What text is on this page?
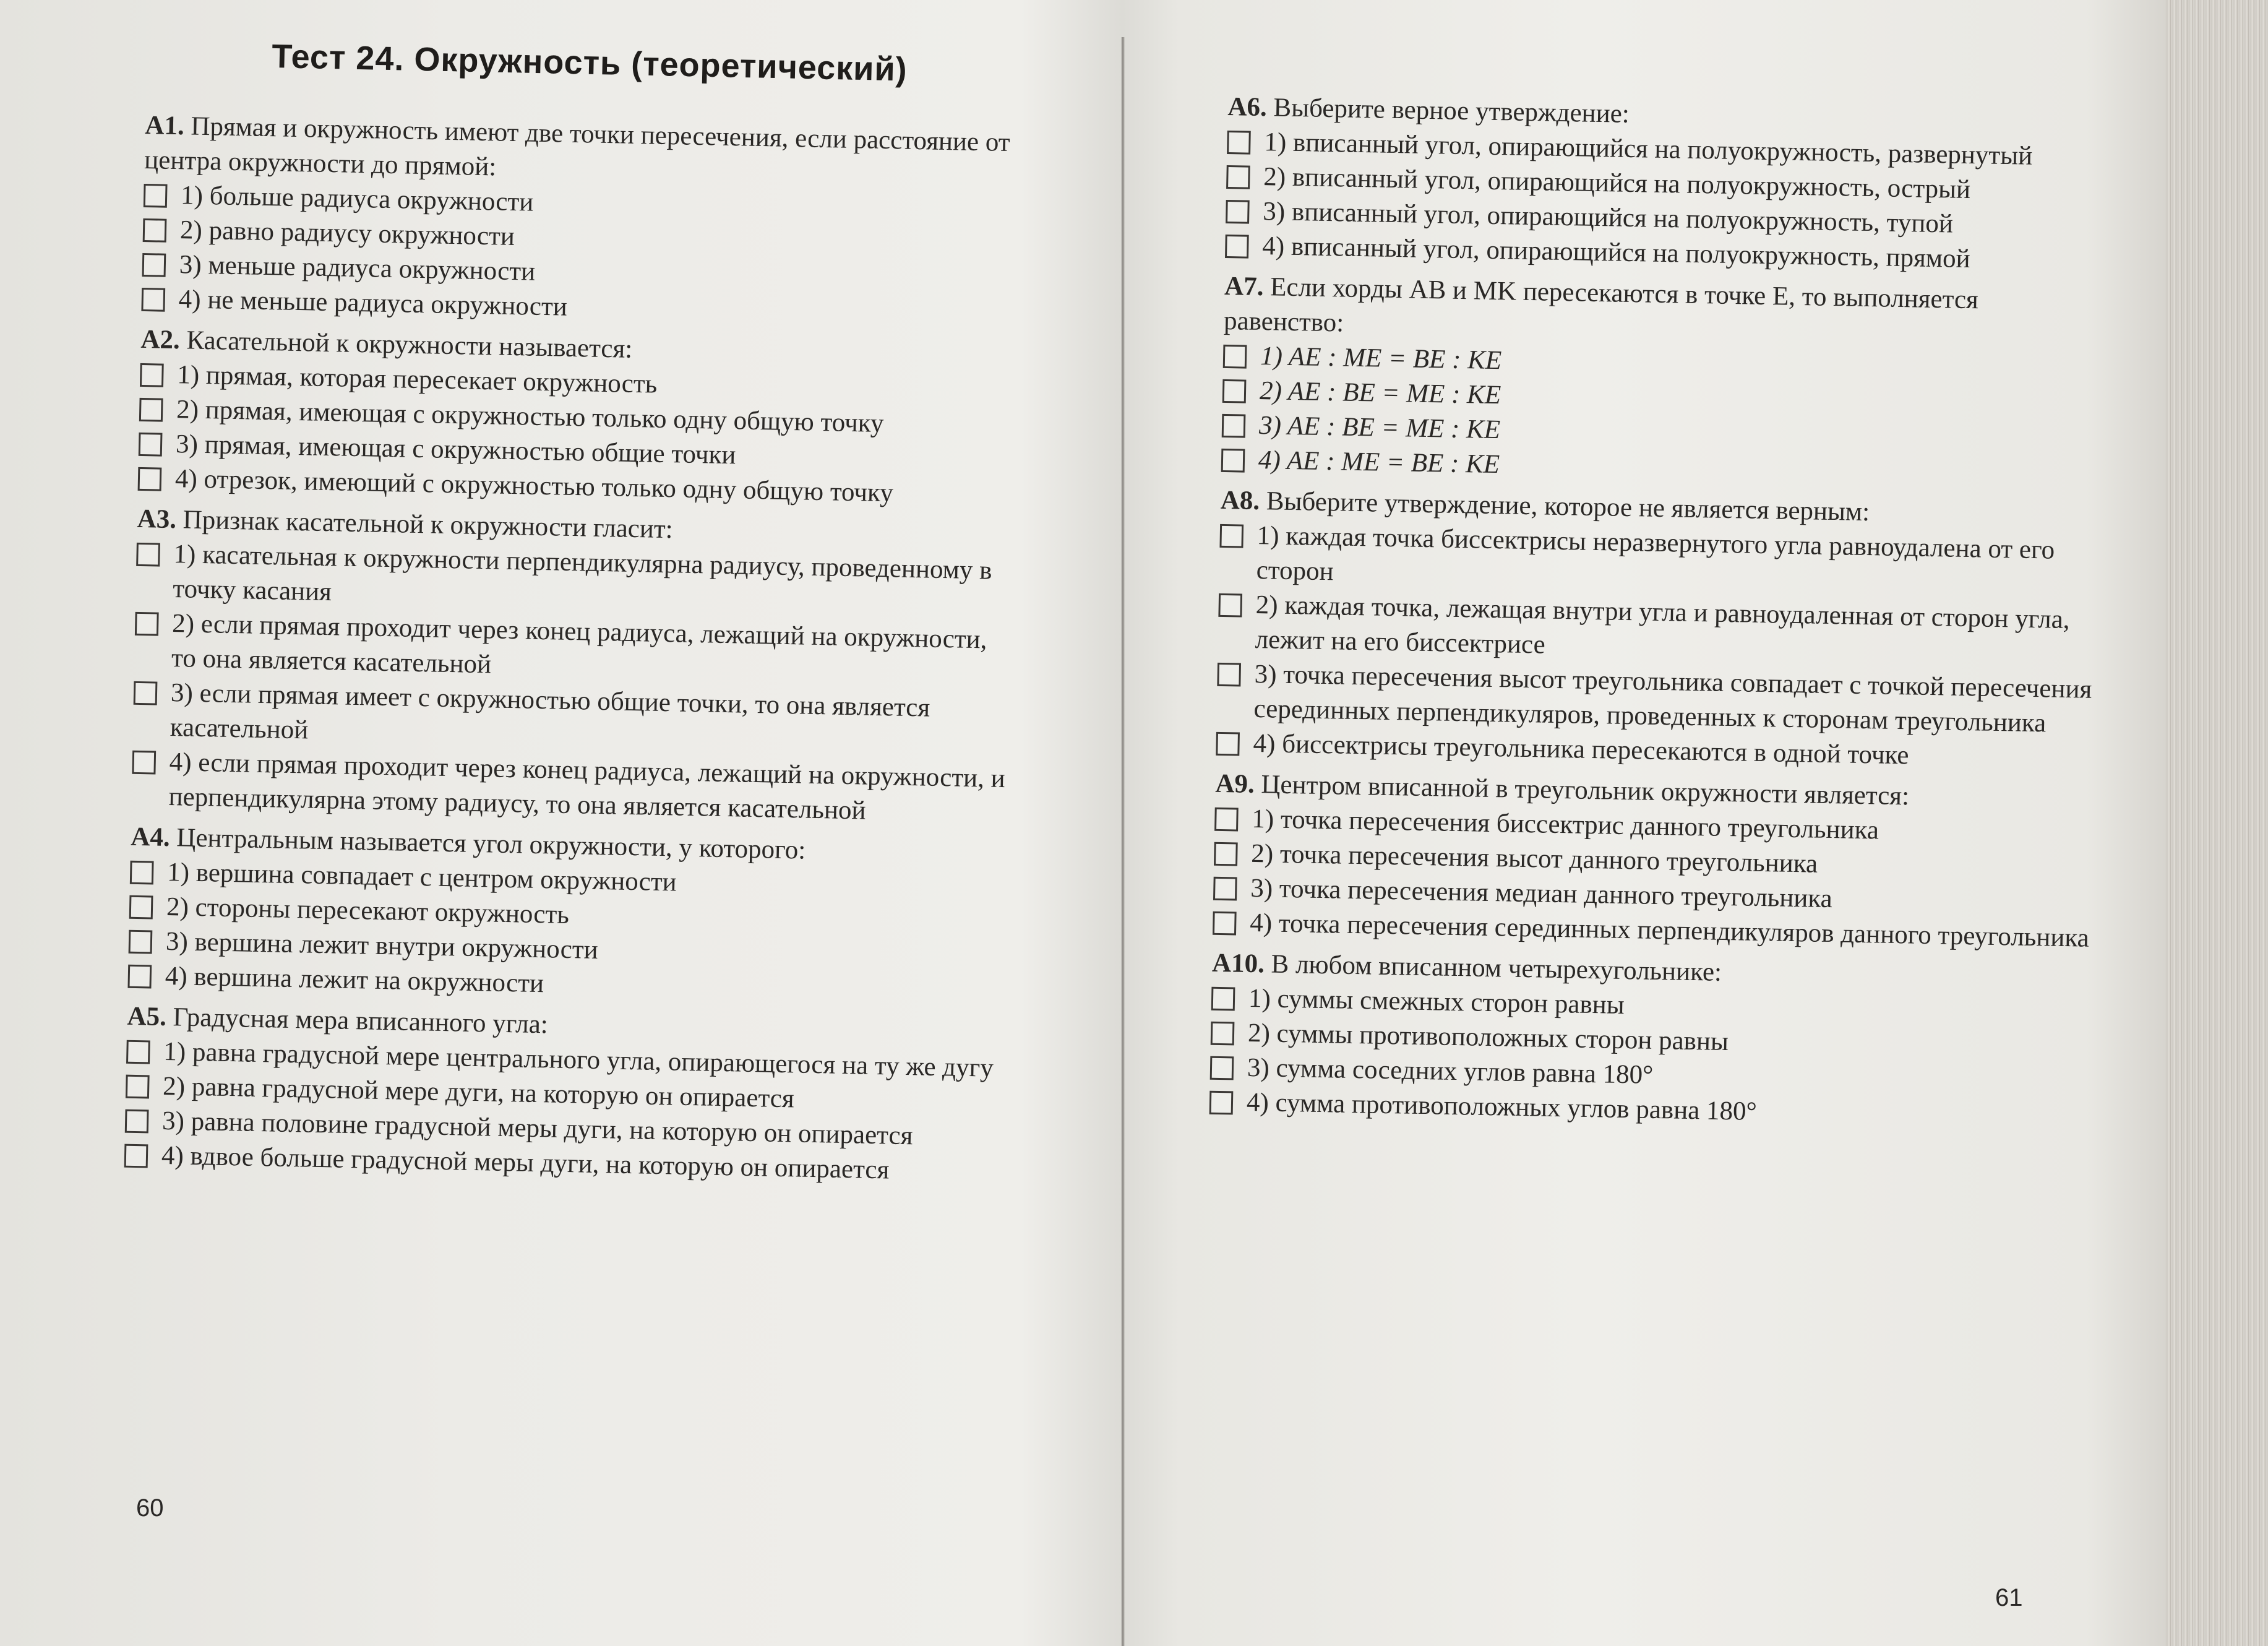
Тест 24. Окружность (теоретический)
А1. Прямая и окружность имеют две точки пересечения, если расстояние от центра окружности до прямой:
1) больше радиуса окружности
2) равно радиусу окружности
3) меньше радиуса окружности
4) не меньше радиуса окружности
А2. Касательной к окружности называется:
1) прямая, которая пересекает окружность
2) прямая, имеющая с окружностью только одну общую точку
3) прямая, имеющая с окружностью общие точки
4) отрезок, имеющий с окружностью только одну общую точку
А3. Признак касательной к окружности гласит:
1) касательная к окружности перпендикулярна радиусу, проведенному в точку касания
2) если прямая проходит через конец радиуса, лежащий на окружности, то она является касательной
3) если прямая имеет с окружностью общие точки, то она является касательной
4) если прямая проходит через конец радиуса, лежащий на окружности, и перпендикулярна этому радиусу, то она является касательной
А4. Центральным называется угол окружности, у которого:
1) вершина совпадает с центром окружности
2) стороны пересекают окружность
3) вершина лежит внутри окружности
4) вершина лежит на окружности
А5. Градусная мера вписанного угла:
1) равна градусной мере центрального угла, опирающегося на ту же дугу
2) равна градусной мере дуги, на которую он опирается
3) равна половине градусной меры дуги, на которую он опирается
4) вдвое больше градусной меры дуги, на которую он опирается
60
А6. Выберите верное утверждение:
1) вписанный угол, опирающийся на полуокружность, развернутый
2) вписанный угол, опирающийся на полуокружность, острый
3) вписанный угол, опирающийся на полуокружность, тупой
4) вписанный угол, опирающийся на полуокружность, прямой
А7. Если хорды AB и MK пересекаются в точке E, то выполняется равенство:
1) AE : ME = BE : KE
2) AE : BE = ME : KE
3) AE : BE = ME : KE
4) AE : ME = BE : KE
А8. Выберите утверждение, которое не является верным:
1) каждая точка биссектрисы неразвернутого угла равноудалена от его сторон
2) каждая точка, лежащая внутри угла и равноудаленная от сторон угла, лежит на его биссектрисе
3) точка пересечения высот треугольника совпадает с точкой пересечения серединных перпендикуляров, проведенных к сторонам треугольника
4) биссектрисы треугольника пересекаются в одной точке
А9. Центром вписанной в треугольник окружности является:
1) точка пересечения биссектрис данного треугольника
2) точка пересечения высот данного треугольника
3) точка пересечения медиан данного треугольника
4) точка пересечения серединных перпендикуляров данного треугольника
А10. В любом вписанном четырехугольнике:
1) суммы смежных сторон равны
2) суммы противоположных сторон равны
3) сумма соседних углов равна 180°
4) сумма противоположных углов равна 180°
61
